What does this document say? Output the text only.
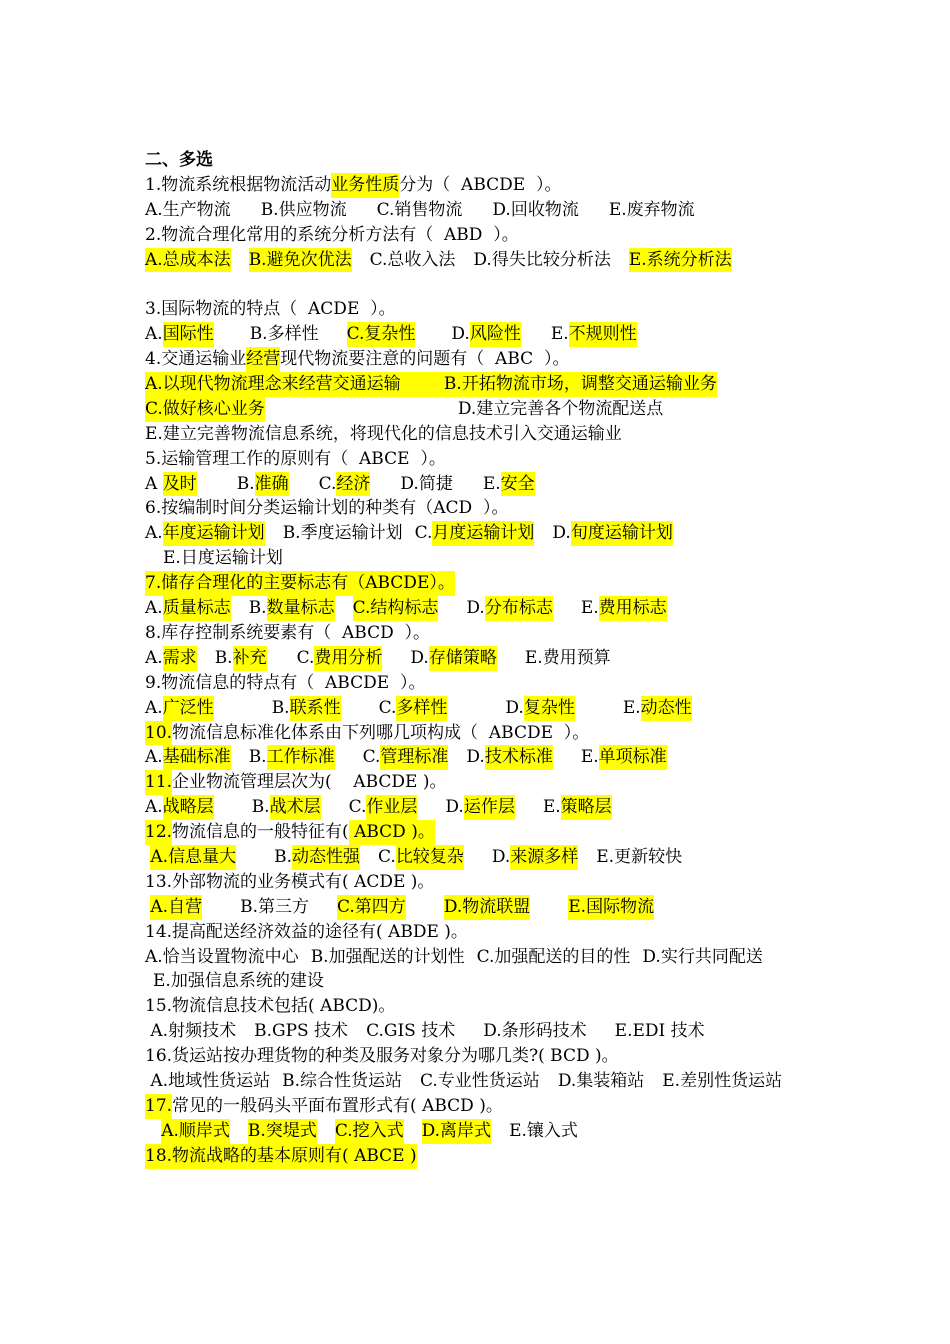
二、多选
1.物流系统根据物流活动业务性质分为（  ABCDE  ）。
A.生产物流 B.供应物流 C.销售物流 D.回收物流 E.废弃物流
2.物流合理化常用的系统分析方法有（  ABD  ）。
A.总成本法 B.避免次优法 C.总收入法 D.得失比较分析法 E.系统分析法
3.国际物流的特点（  ACDE  ）。
A.国际性 B.多样性 C.复杂性 D.风险性 E.不规则性
4.交通运输业经营现代物流要注意的问题有（  ABC  ）。
A.以现代物流理念来经营交通运输	B.开拓物流市场，调整交通运输业务
C.做好核心业务	D.建立完善各个物流配送点
E.建立完善物流信息系统，将现代化的信息技术引入交通运输业
5.运输管理工作的原则有（  ABCE  ）。
A 及时 B.准确 C.经济 D.简捷 E.安全
6.按编制时间分类运输计划的种类有（ACD  ）。
A.年度运输计划 B.季度运输计划 C.月度运输计划 D.旬度运输计划E.日度运输计划
7.储存合理化的主要标志有（ABCDE）。
A.质量标志 B.数量标志 C.结构标志 D.分布标志 E.费用标志
8.库存控制系统要素有（  ABCD  ）。
A.需求 B.补充 C.费用分析 D.存储策略 E.费用预算
9.物流信息的特点有（  ABCDE  ）。
A.广泛性	B.联系性 C.多样性	D.复杂性	E.动态性
10.物流信息标准化体系由下列哪几项构成（  ABCDE  ）。
A.基础标准 B.工作标准 C.管理标准 D.技术标准 E.单项标准
11.企业物流管理层次为(    ABCDE )。
A.战略层 B.战术层 C.作业层 D.运作层 E.策略层
12.物流信息的一般特征有( ABCD )。
A.信息量大 B.动态性强 C.比较复杂 D.来源多样 E.更新较快
13.外部物流的业务模式有( ACDE )。
A.自营 B.第三方 C.第四方 D.物流联盟 E.国际物流
14.提高配送经济效益的途径有( ABDE )。
A.恰当设置物流中心 B.加强配送的计划性 C.加强配送的目的性 D.实行共同配送E.加强信息系统的建设
15.物流信息技术包括( ABCD)。
A.射频技术 B.GPS 技术 C.GIS 技术 D.条形码技术 E.EDI 技术
16.货运站按办理货物的种类及服务对象分为哪几类?( BCD )。
A.地域性货运站 B.综合性货运站 C.专业性货运站 D.集装箱站 E.差别性货运站
17.常见的一般码头平面布置形式有( ABCD )。
A.顺岸式 B.突堤式 C.挖入式 D.离岸式 E.镶入式
18.物流战略的基本原则有( ABCE )
